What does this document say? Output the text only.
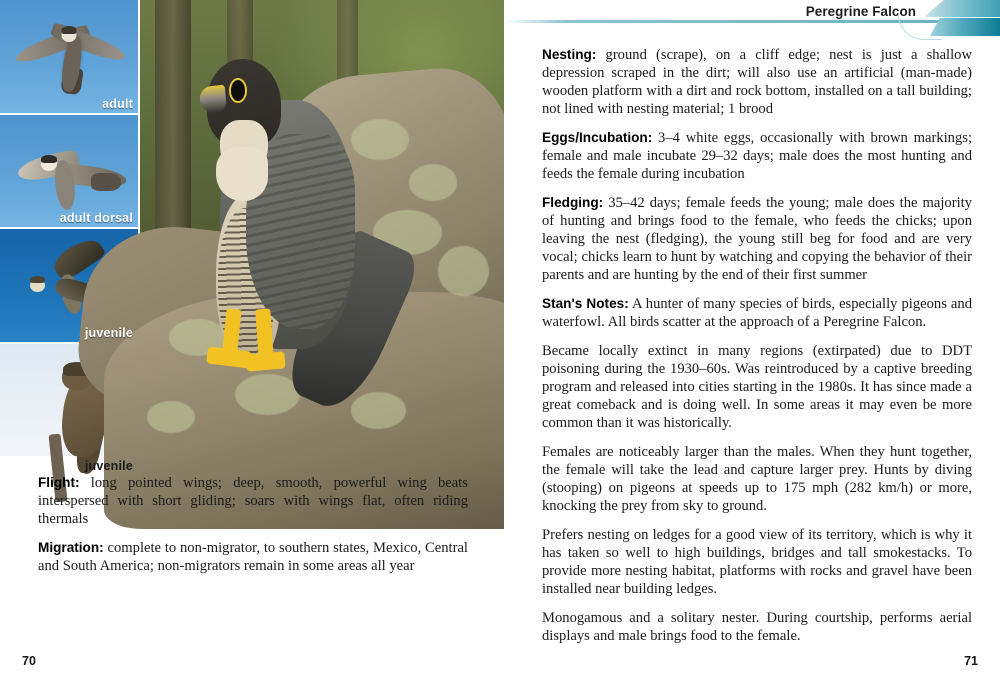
adult
adult dorsal
juvenile
juvenile

Flight: long pointed wings; deep, smooth, powerful wing beats interspersed with short gliding; soars with wings flat, often riding thermals

Migration: complete to non-migrator, to southern states, Mexico, Central and South America; non-migrators remain in some areas all year

70
Peregrine Falcon

Nesting: ground (scrape), on a cliff edge; nest is just a shallow depression scraped in the dirt; will also use an artificial (man-made) wooden platform with a dirt and rock bottom, installed on a tall building; not lined with nesting material; 1 brood

Eggs/Incubation: 3–4 white eggs, occasionally with brown markings; female and male incubate 29–32 days; male does the most hunting and feeds the female during incubation

Fledging: 35–42 days; female feeds the young; male does the majority of hunting and brings food to the female, who feeds the chicks; upon leaving the nest (fledging), the young still beg for food and are very vocal; chicks learn to hunt by watching and copying the behavior of their parents and are hunting by the end of their first summer

Stan's Notes: A hunter of many species of birds, especially pigeons and waterfowl. All birds scatter at the approach of a Peregrine Falcon.

Became locally extinct in many regions (extirpated) due to DDT poisoning during the 1930–60s. Was reintroduced by a captive breeding program and released into cities starting in the 1980s. It has since made a great comeback and is doing well. In some areas it may even be more common than it was historically.

Females are noticeably larger than the males. When they hunt together, the female will take the lead and capture larger prey. Hunts by diving (stooping) on pigeons at speeds up to 175 mph (282 km/h) or more, knocking the prey from sky to ground.

Prefers nesting on ledges for a good view of its territory, which is why it has taken so well to high buildings, bridges and tall smokestacks. To provide more nesting habitat, platforms with rocks and gravel have been installed near building ledges.

Monogamous and a solitary nester. During courtship, performs aerial displays and male brings food to the female.

71
